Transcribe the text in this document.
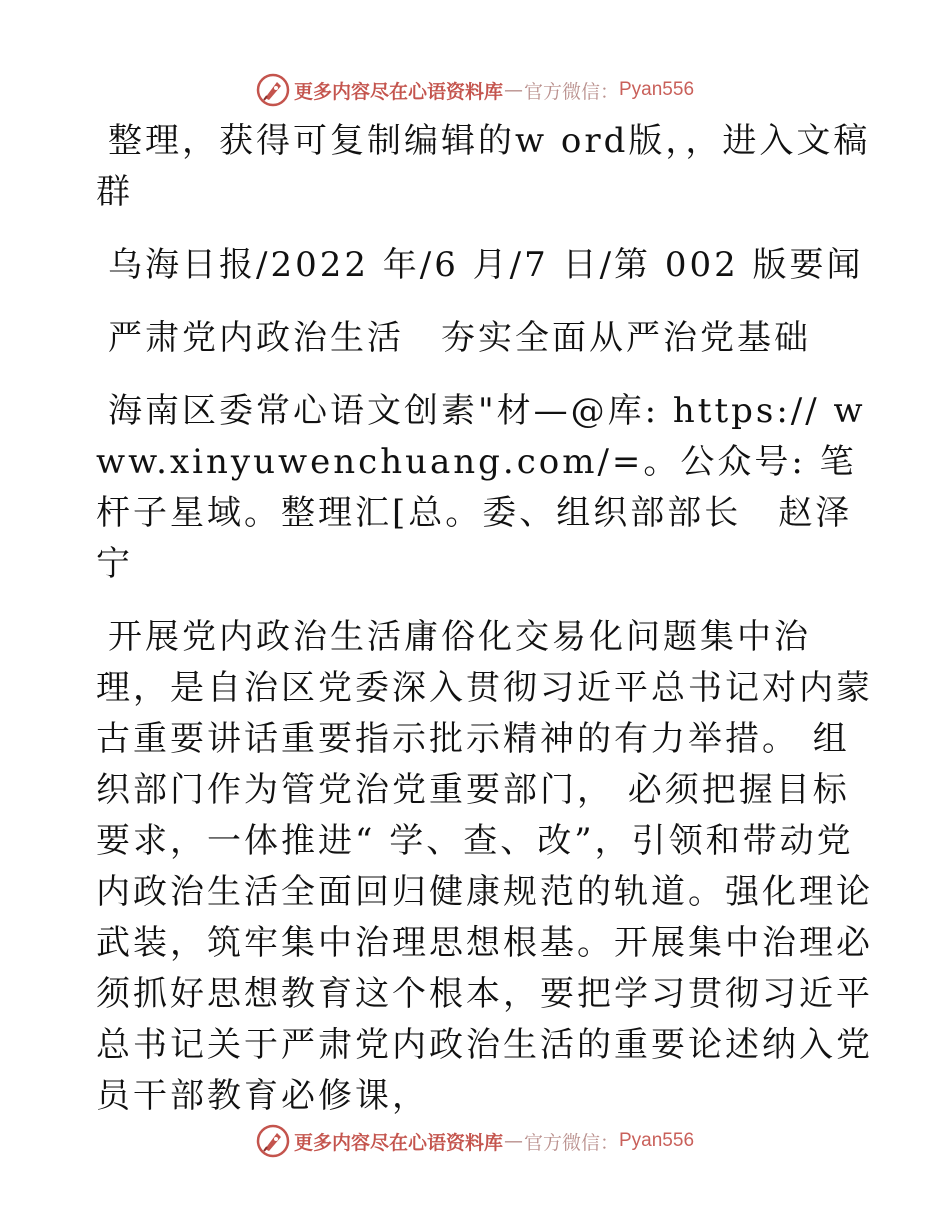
更多内容尽在心语资料库 — 官方微信： Pyan556

整理，获得可复制编辑的w ord版，，进入文稿群

乌海日报/2022 年/6 月/7 日/第 002 版要闻

严肃党内政治生活　夯实全面从严治党基础

海南区委常心语文创素"材—@库: https:// www.xinyuwenchuang.com/=。公众号: 笔杆子星域。整理汇[总。委、组织部部长　赵泽宁

开展党内政治生活庸俗化交易化问题集中治理，是自治区党委深入贯彻习近平总书记对内蒙古重要讲话重要指示批示精神的有力举措。 组织部门作为管党治党重要部门， 必须把握目标要求，一体推进“ 学、查、改”，引领和带动党内政治生活全面回归健康规范的轨道。强化理论武装，筑牢集中治理思想根基。开展集中治理必须抓好思想教育这个根本，要把学习贯彻习近平总书记关于严肃党内政治生活的重要论述纳入党员干部教育必修课，

更多内容尽在心语资料库 — 官方微信： Pyan556
